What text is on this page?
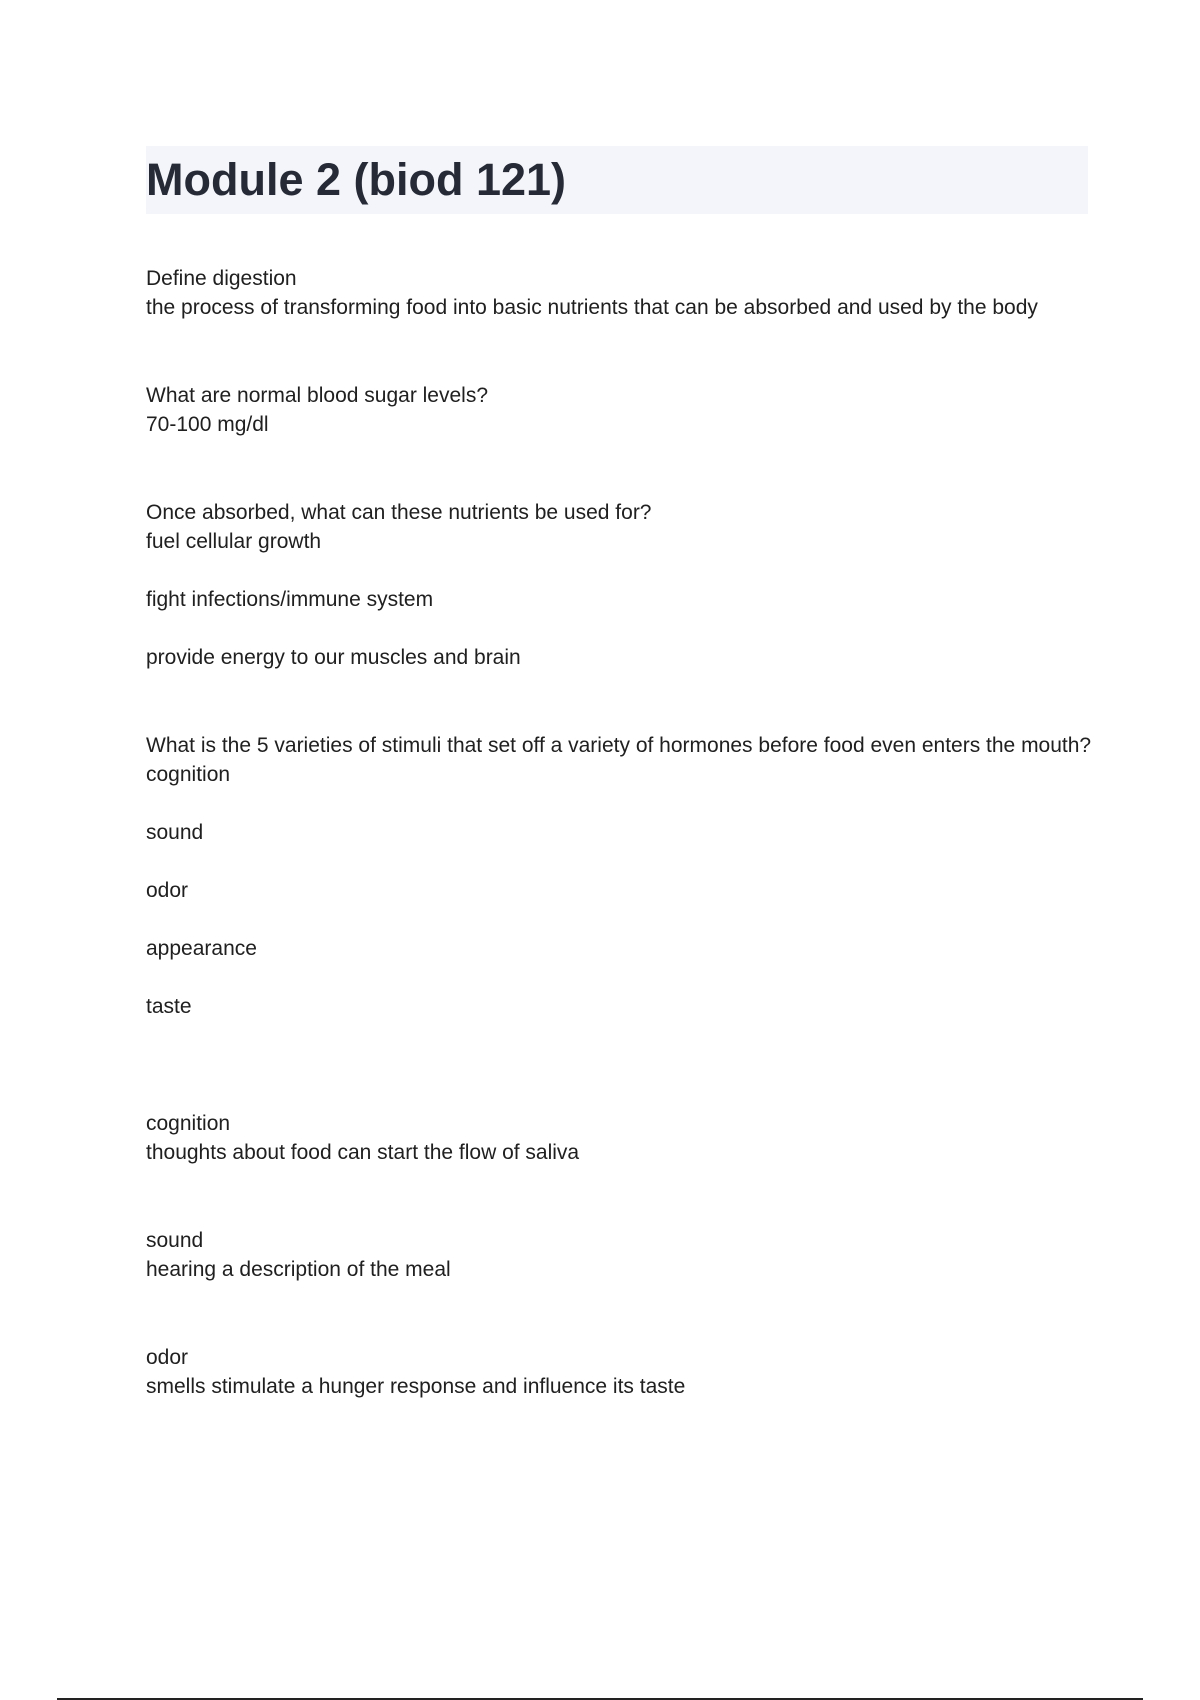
Module 2 (biod 121)
Define digestion
the process of transforming food into basic nutrients that can be absorbed and used by the body
What are normal blood sugar levels?
70-100 mg/dl
Once absorbed, what can these nutrients be used for?
fuel cellular growth
fight infections/immune system
provide energy to our muscles and brain
What is the 5 varieties of stimuli that set off a variety of hormones before food even enters the mouth?
cognition
sound
odor
appearance
taste
cognition
thoughts about food can start the flow of saliva
sound
hearing a description of the meal
odor
smells stimulate a hunger response and influence its taste
